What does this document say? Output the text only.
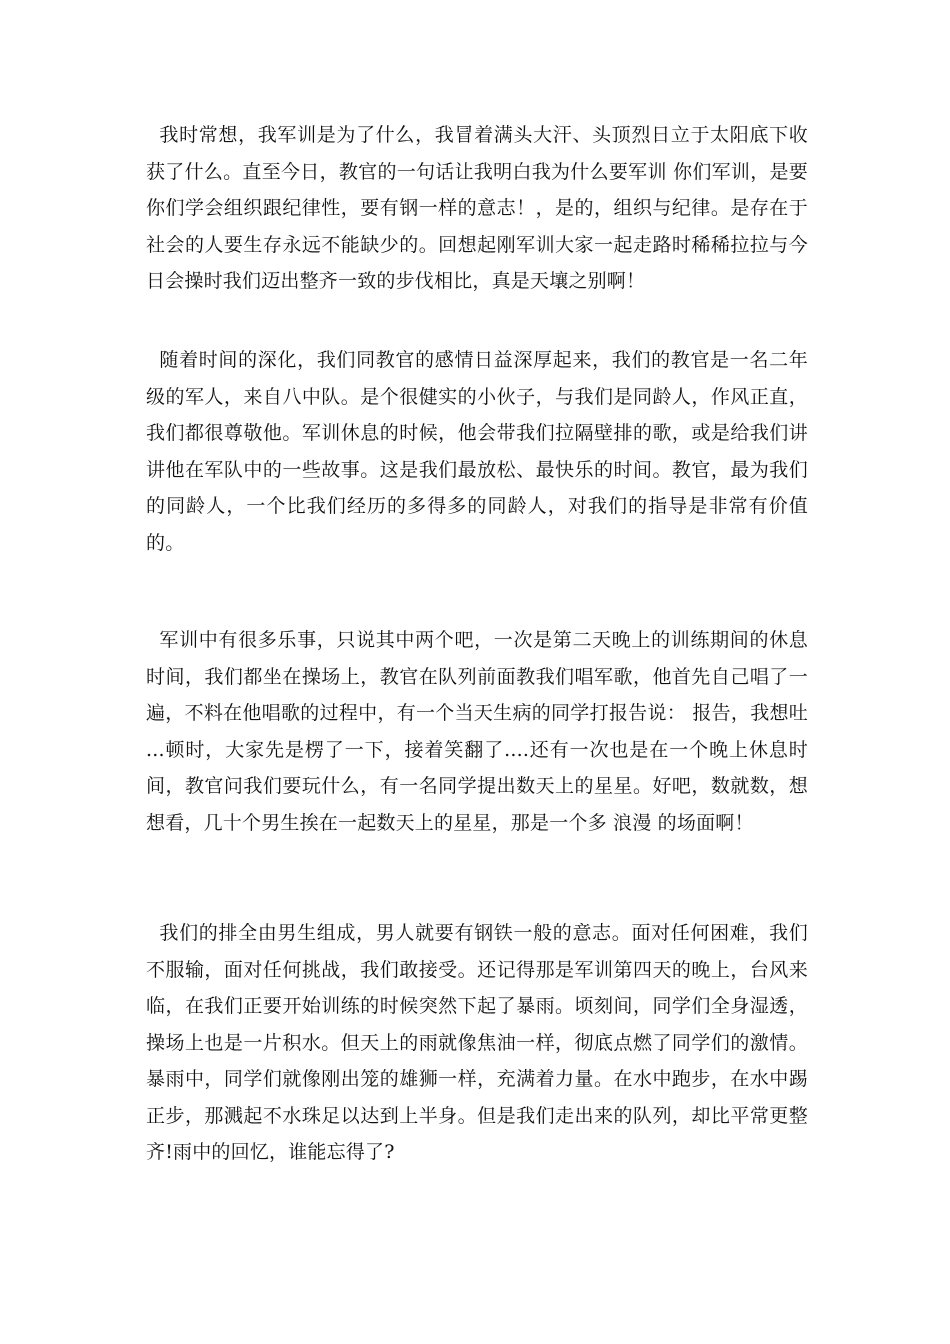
我时常想，我军训是为了什么，我冒着满头大汗、头顶烈日立于太阳底下收获了什么。直至今日，教官的一句话让我明白我为什么要军训 你们军训，是要你们学会组织跟纪律性，要有钢一样的意志！，是的，组织与纪律。是存在于社会的人要生存永远不能缺少的。回想起刚军训大家一起走路时稀稀拉拉与今日会操时我们迈出整齐一致的步伐相比，真是天壤之别啊！

随着时间的深化，我们同教官的感情日益深厚起来，我们的教官是一名二年级的军人，来自八中队。是个很健实的小伙子，与我们是同龄人，作风正直，我们都很尊敬他。军训休息的时候，他会带我们拉隔壁排的歌，或是给我们讲讲他在军队中的一些故事。这是我们最放松、最快乐的时间。教官，最为我们的同龄人，一个比我们经历的多得多的同龄人，对我们的指导是非常有价值的。

军训中有很多乐事，只说其中两个吧，一次是第二天晚上的训练期间的休息时间，我们都坐在操场上，教官在队列前面教我们唱军歌，他首先自己唱了一遍，不料在他唱歌的过程中，有一个当天生病的同学打报告说： 报告，我想吐 ...顿时，大家先是楞了一下，接着笑翻了....还有一次也是在一个晚上休息时间，教官问我们要玩什么，有一名同学提出数天上的星星。好吧，数就数，想想看，几十个男生挨在一起数天上的星星，那是一个多 浪漫 的场面啊！

我们的排全由男生组成，男人就要有钢铁一般的意志。面对任何困难，我们不服输，面对任何挑战，我们敢接受。还记得那是军训第四天的晚上，台风来临，在我们正要开始训练的时候突然下起了暴雨。顷刻间，同学们全身湿透，操场上也是一片积水。但天上的雨就像焦油一样，彻底点燃了同学们的激情。暴雨中，同学们就像刚出笼的雄狮一样，充满着力量。在水中跑步，在水中踢正步，那溅起不水珠足以达到上半身。但是我们走出来的队列，却比平常更整齐!雨中的回忆，谁能忘得了?
